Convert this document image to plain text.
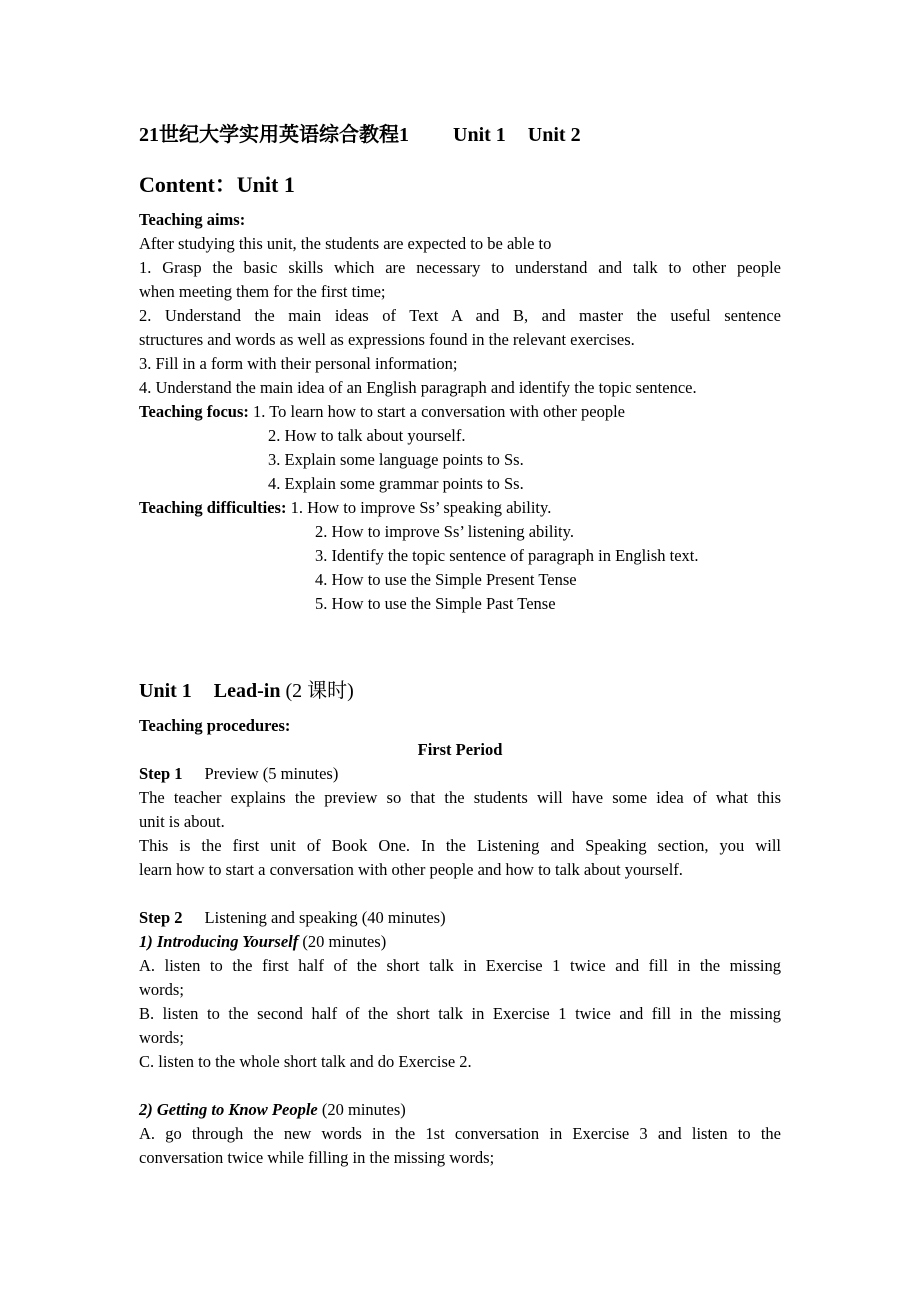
21世纪大学实用英语综合教程1 Unit 1 Unit 2
Content：Unit 1
Teaching aims:
After studying this unit, the students are expected to be able to
1. Grasp the basic skills which are necessary to understand and talk to other people
when meeting them for the first time;
2. Understand the main ideas of Text A and B, and master the useful sentence
structures and words as well as expressions found in the relevant exercises.
3. Fill in a form with their personal information;
4. Understand the main idea of an English paragraph and identify the topic sentence.
Teaching focus: 1. To learn how to start a conversation with other people
2. How to talk about yourself.
3. Explain some language points to Ss.
4. Explain some grammar points to Ss.
Teaching difficulties: 1. How to improve Ss’ speaking ability.
2. How to improve Ss’ listening ability.
3. Identify the topic sentence of paragraph in English text.
4. How to use the Simple Present Tense
5. How to use the Simple Past Tense
Unit 1 Lead-in (2 课时)
Teaching procedures:
First Period
Step 1 Preview (5 minutes)
The teacher explains the preview so that the students will have some idea of what this
unit is about.
This is the first unit of Book One. In the Listening and Speaking section, you will
learn how to start a conversation with other people and how to talk about yourself.
Step 2 Listening and speaking (40 minutes)
1) Introducing Yourself (20 minutes)
A. listen to the first half of the short talk in Exercise 1 twice and fill in the missing
words;
B. listen to the second half of the short talk in Exercise 1 twice and fill in the missing
words;
C. listen to the whole short talk and do Exercise 2.
2) Getting to Know People (20 minutes)
A. go through the new words in the 1st conversation in Exercise 3 and listen to the
conversation twice while filling in the missing words;
